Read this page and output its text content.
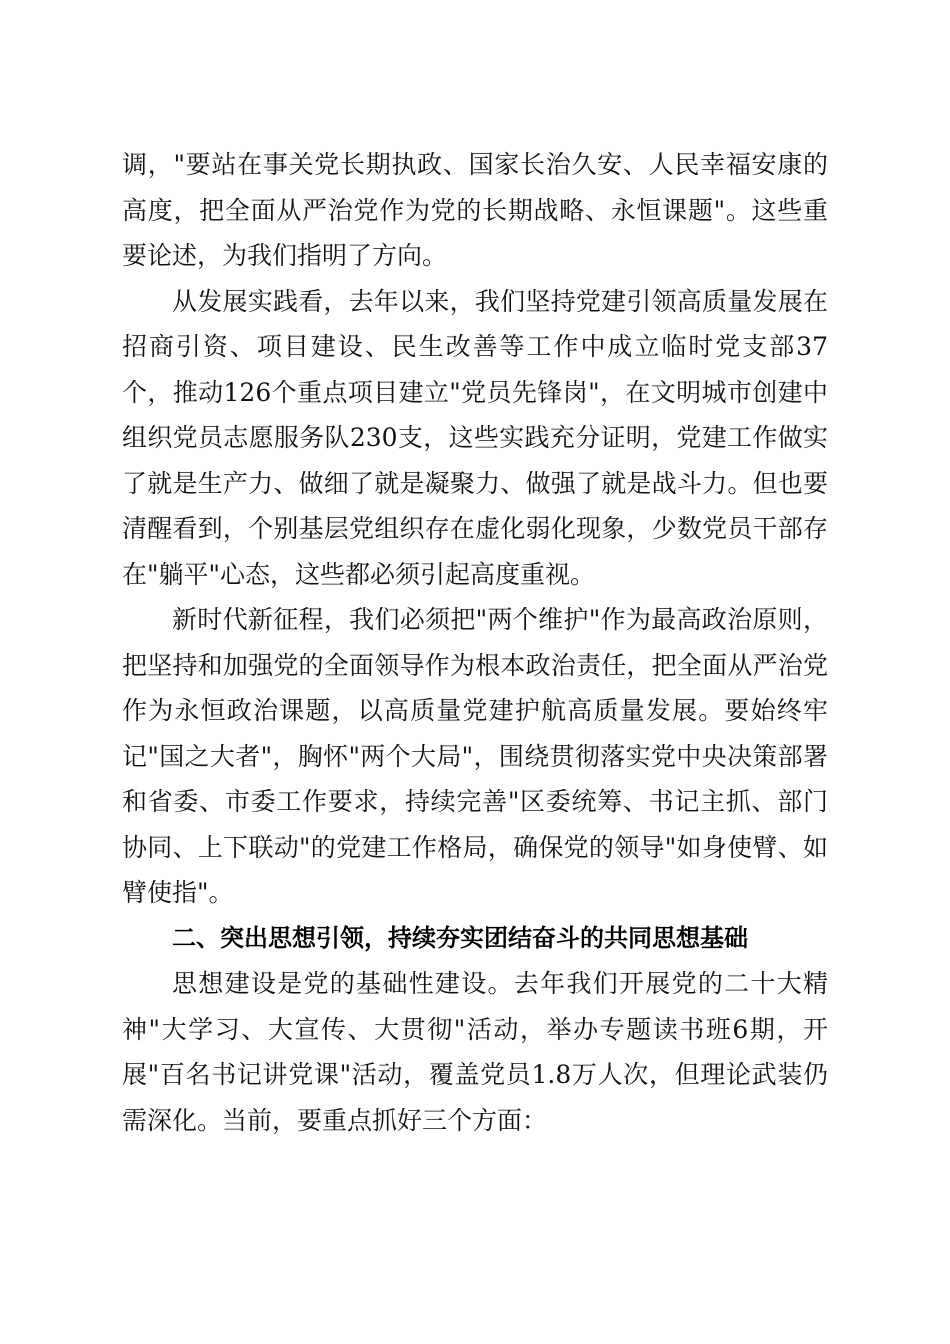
调，"要站在事关党长期执政、国家长治久安、人民幸福安康的高度，把全面从严治党作为党的长期战略、永恒课题"。这些重要论述，为我们指明了方向。

从发展实践看，去年以来，我们坚持党建引领高质量发展在招商引资、项目建设、民生改善等工作中成立临时党支部37个，推动126个重点项目建立"党员先锋岗"，在文明城市创建中组织党员志愿服务队230支，这些实践充分证明，党建工作做实了就是生产力、做细了就是凝聚力、做强了就是战斗力。但也要清醒看到，个别基层党组织存在虚化弱化现象，少数党员干部存在"躺平"心态，这些都必须引起高度重视。

新时代新征程，我们必须把"两个维护"作为最高政治原则，把坚持和加强党的全面领导作为根本政治责任，把全面从严治党作为永恒政治课题，以高质量党建护航高质量发展。要始终牢记"国之大者"，胸怀"两个大局"，围绕贯彻落实党中央决策部署和省委、市委工作要求，持续完善"区委统筹、书记主抓、部门协同、上下联动"的党建工作格局，确保党的领导"如身使臂、如臂使指"。

二、突出思想引领，持续夯实团结奋斗的共同思想基础

思想建设是党的基础性建设。去年我们开展党的二十大精神"大学习、大宣传、大贯彻"活动，举办专题读书班6期，开展"百名书记讲党课"活动，覆盖党员1.8万人次，但理论武装仍需深化。当前，要重点抓好三个方面：
